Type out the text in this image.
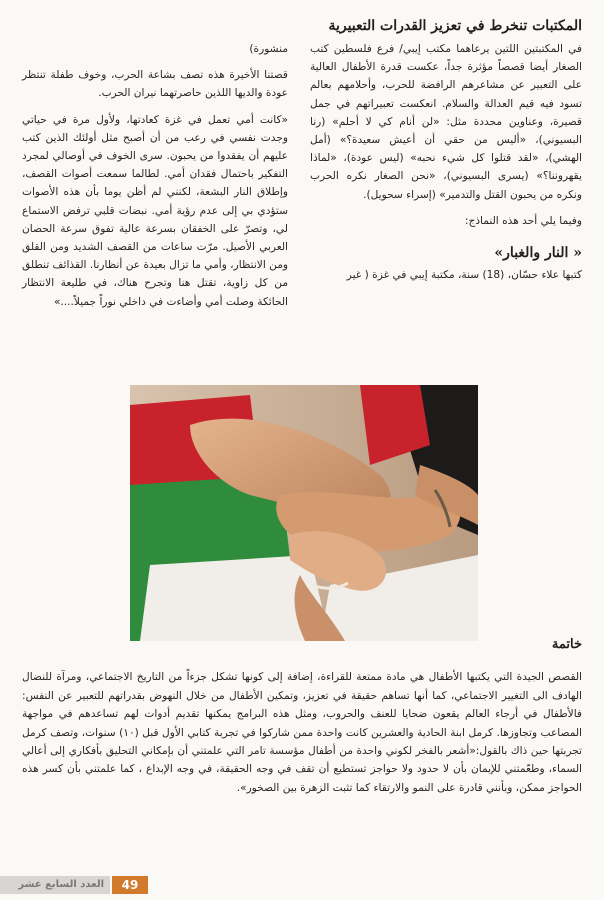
المكتبات تنخرط في تعزيز القدرات التعبيرية

في المكتبتين اللتين يرعاهما مكتب إيبي/ فرع فلسطين كتب الصغار أيضا قصصاً مؤثرة جداً، عكست قدرة الأطفال العالية على التعبير عن مشاعرهم الرافضة للحرب، وأحلامهم بعالم تسود فيه قيم العدالة والسلام. انعكست تعبيراتهم في جمل قصيرة، وعناوين محددة مثل: «لن أنام كي لا أحلم» (رنا البسيوني)، «أليس من حقي أن أعيش سعيدة؟» (أمل الهشي)، «لقد قتلوا كل شيء نحبه» (ليس عودة)، «لماذا يقهروننا؟» (يسرى البسيوني)، «نحن الصغار نكره الحرب ونكره من يحبون القتل والتدمير» (إسراء سحويل).

وفيما يلي أحد هذه النماذج:

« النار والغبار»

كتبها علاء حسّان، (18) سنة، مكتبة إيبي في غزة ( غير

منشورة)

قصتنا الأخيرة هذه تصف بشاعة الحرب، وخوف طفلة تنتظر عودة والديها اللذين حاصرتهما نيران الحرب.

«كانت أمي تعمل في غزة كعادتها، ولأول مرة في حياتي وجدت نفسي في رعب من أن أصبح مثل أولئك الذين كتب عليهم أن يفقدوا من يحبون. سرى الخوف في أوصالي لمجرد التفكير باحتمال فقدان أمي. لطالما سمعت أصوات القصف، وإطلاق النار البشعة، لكنني لم أظن يوما بأن هذه الأصوات ستؤدي بي إلى عدم رؤية أمي. نبضات قلبي ترفض الاستماع لي، وتصرّ على الخفقان بسرعة عالية تفوق سرعة الحصان العربي الأصيل. مرّت ساعات من القصف الشديد ومن القلق ومن الانتظار، وأمي ما تزال بعيدة عن أنظارنا. القذائف تنطلق من كل زاوية، تقتل هنا وتجرح هناك، في طليعة الانتظار الحائكة وصلت أمي وأضاءت في داخلي نوراً جميلاً....»

خاتمة

القصص الجيدة التي يكتبها الأطفال هي مادة ممتعة للقراءة، إضافة إلى كونها تشكل جزءاً من التاريخ الاجتماعي، ومرآة للنضال الهادف الى التغيير الاجتماعي، كما أنها تساهم حقيقة في تعزيز، وتمكين الأطفال من خلال النهوض بقدراتهم للتعبير عن النفس: فالأطفال في أرجاء العالم يقعون ضحايا للعنف والحروب، ومثل هذه البرامج يمكنها تقديم أدوات لهم تساعدهم في مواجهة المصاعب وتجاوزها. كرمل ابنة الحادية والعشرين كانت واحدة ممن شاركوا في تجربة كتابي الأول قبل (١٠) سنوات، وتصف كرمل تجربتها حين ذاك بالقول:«أشعر بالفخر لكوني واحدة من أطفال مؤسسة تامر التي علمتني أن بإمكاني التحليق بأفكاري إلى أعالي السماء، وطعّمتني للإيمان بأن لا حدود ولا حواجز تستطيع أن تقف في وجه الحقيقة، في وجه الإبداع ، كما علمتني بأن كسر هذه الحواجز ممكن، وبأنني قادرة على النمو والارتقاء كما تثبت الزهرة بين الصخور».

العدد السابع عشر	49
